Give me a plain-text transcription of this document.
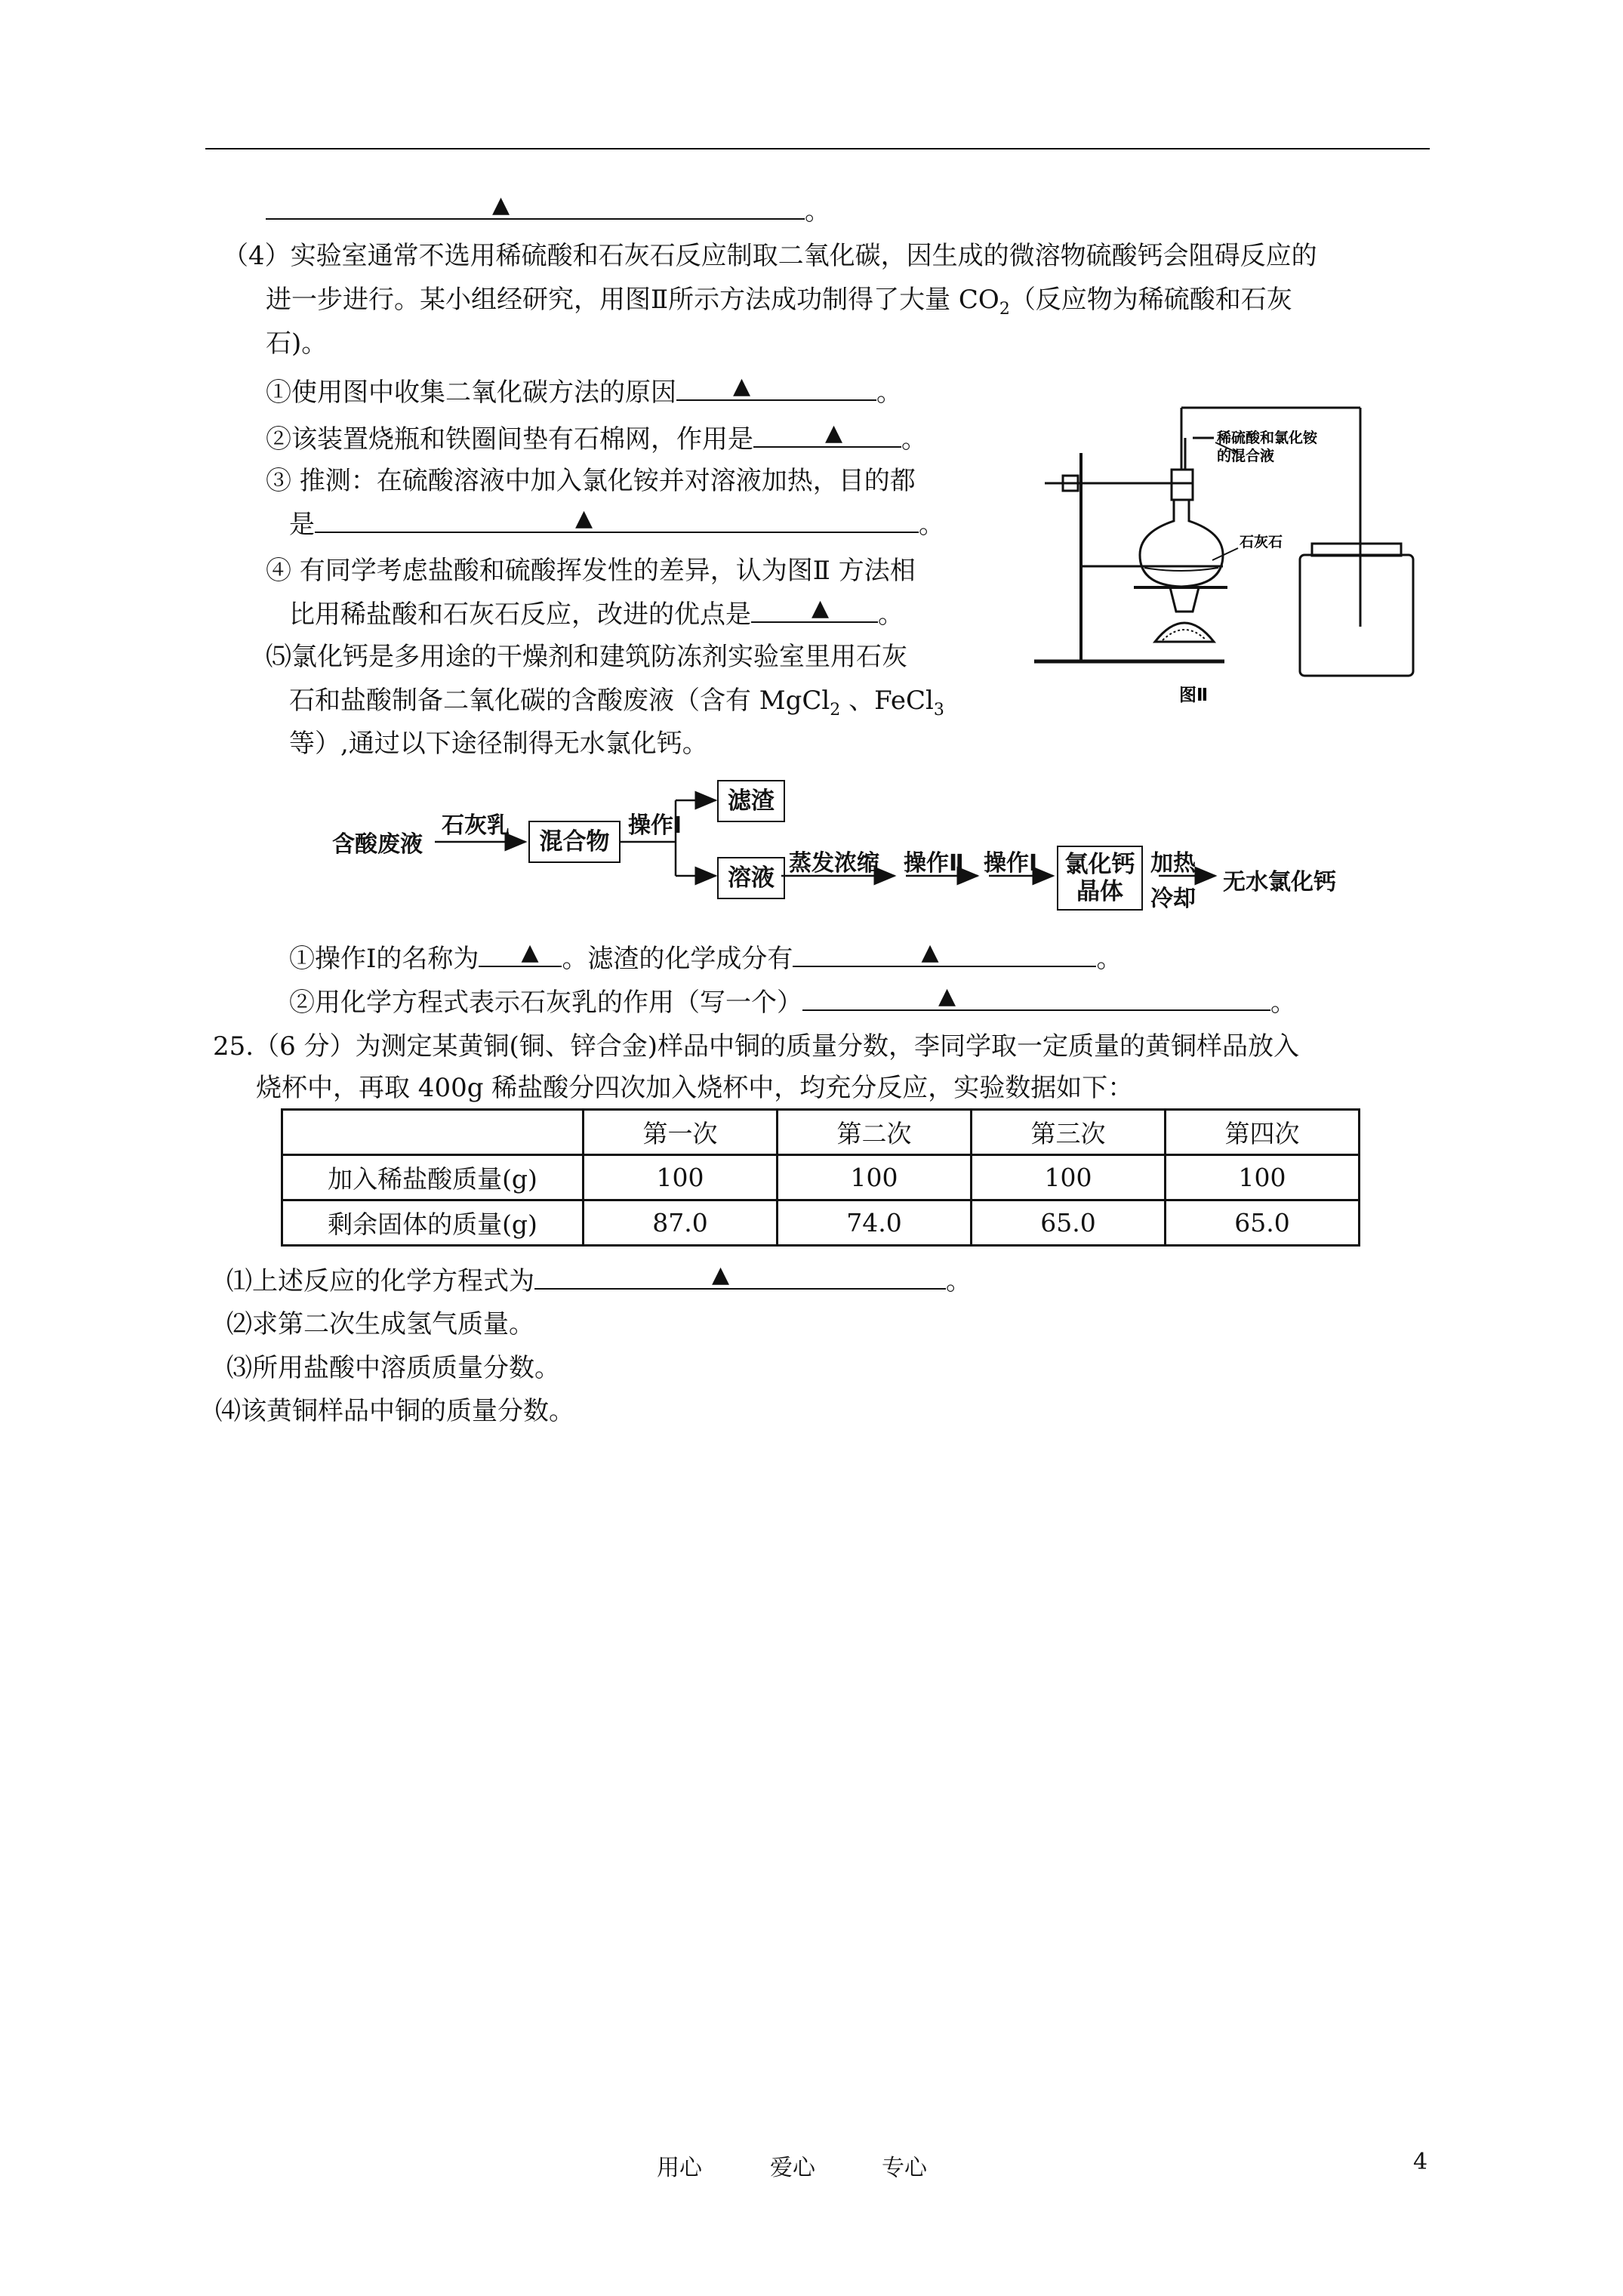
▲	。
（4）实验室通常不选用稀硫酸和石灰石反应制取二氧化碳，因生成的微溶物硫酸钙会阻碍反应的
进一步进行。某小组经研究，用图Ⅱ所示方法成功制得了大量 $CO_2$（反应物为稀硫酸和石灰
石)。
①使用图中收集二氧化碳方法的原因	▲	。
②该装置烧瓶和铁圈间垫有石棉网，作用是	▲ 。
③ 推测：在硫酸溶液中加入氯化铵并对溶液加热，目的都
是	▲	。
④ 有同学考虑盐酸和硫酸挥发性的差异，认为图Ⅱ 方法相
比用稀盐酸和石灰石反应，改进的优点是	▲ 。
⑸氯化钙是多用途的干燥剂和建筑防冻剂实验室里用石灰
石和盐酸制备二氧化碳的含酸废液（含有 MgCl$_2$ 、FeCl$_3$
等）,通过以下途径制得无水氯化钙。
稀硫酸和氯化铵
的混合液
石灰石
图Ⅱ
含酸废液
石灰乳
混合物
操作Ⅰ
滤渣
溶液
蒸发浓缩 操作Ⅱ 操作Ⅰ 氯化钙
晶体
加热
冷却
无水氯化钙
①操作Ⅰ的名称为 ▲ 。滤渣的化学成分有	▲	。
②用化学方程式表示石灰乳的作用（写一个）	▲	。
25.（6 分）为测定某黄铜(铜、锌合金)样品中铜的质量分数，李同学取一定质量的黄铜样品放入
烧杯中，再取 400g 稀盐酸分四次加入烧杯中，均充分反应，实验数据如下：
	第一次	第二次	第三次	第四次
加入稀盐酸质量(g)	100	100	100	100
剩余固体的质量(g)	87.0	74.0	65.0	65.0
⑴上述反应的化学方程式为	▲	。
⑵求第二次生成氢气质量。
⑶所用盐酸中溶质质量分数。
⑷该黄铜样品中铜的质量分数。
用心	爱心	专心	4
